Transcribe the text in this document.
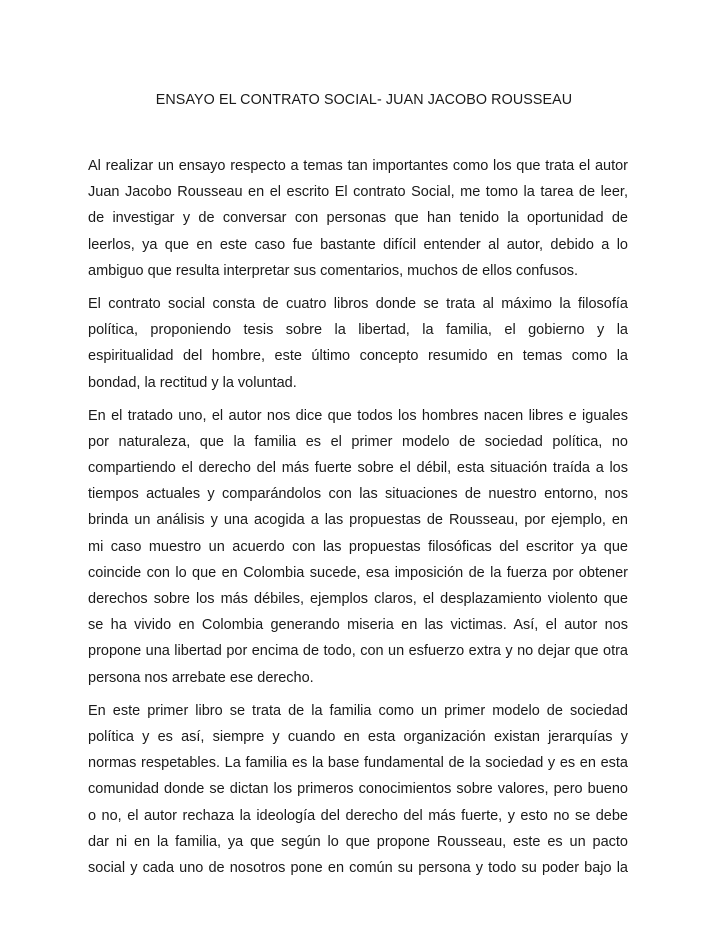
ENSAYO EL CONTRATO SOCIAL- JUAN JACOBO ROUSSEAU
Al realizar un ensayo respecto a temas tan importantes como los que trata el autor
Juan Jacobo Rousseau en el escrito El contrato Social, me tomo la tarea de leer,
de investigar y de conversar con personas que han tenido la oportunidad de
leerlos, ya que en este caso fue bastante difícil entender al autor, debido a lo
ambiguo que resulta interpretar sus comentarios, muchos de ellos confusos.
El contrato social consta de cuatro libros donde se trata al máximo la filosofía
política, proponiendo tesis sobre la libertad, la familia, el gobierno y la
espiritualidad del hombre, este último concepto resumido en temas como la
bondad, la rectitud y la voluntad.
En el tratado uno, el autor nos dice que todos los hombres nacen libres e iguales
por naturaleza, que la familia es el primer modelo de sociedad política, no
compartiendo el derecho del más fuerte sobre el débil, esta situación traída a los
tiempos actuales y comparándolos con las situaciones de nuestro entorno, nos
brinda un análisis y una acogida a las propuestas de Rousseau, por ejemplo, en
mi caso muestro un acuerdo con las propuestas filosóficas del escritor ya que
coincide con lo que en Colombia sucede, esa imposición de la fuerza por obtener
derechos sobre los más débiles, ejemplos claros, el desplazamiento violento que
se ha vivido en Colombia generando miseria en las victimas. Así, el autor nos
propone una libertad por encima de todo, con un esfuerzo extra y no dejar que otra
persona nos arrebate ese derecho.
En este primer libro se trata de la familia como un primer modelo de sociedad
política y es así, siempre y cuando en esta organización existan jerarquías y
normas respetables. La familia es la base fundamental de la sociedad y es en esta
comunidad donde se dictan los primeros conocimientos sobre valores, pero bueno
o no, el autor rechaza la ideología del derecho del más fuerte, y esto no se debe
dar ni en la familia, ya que según lo que propone Rousseau, este es un pacto
social y cada uno de nosotros pone en común su persona y todo su poder bajo la
